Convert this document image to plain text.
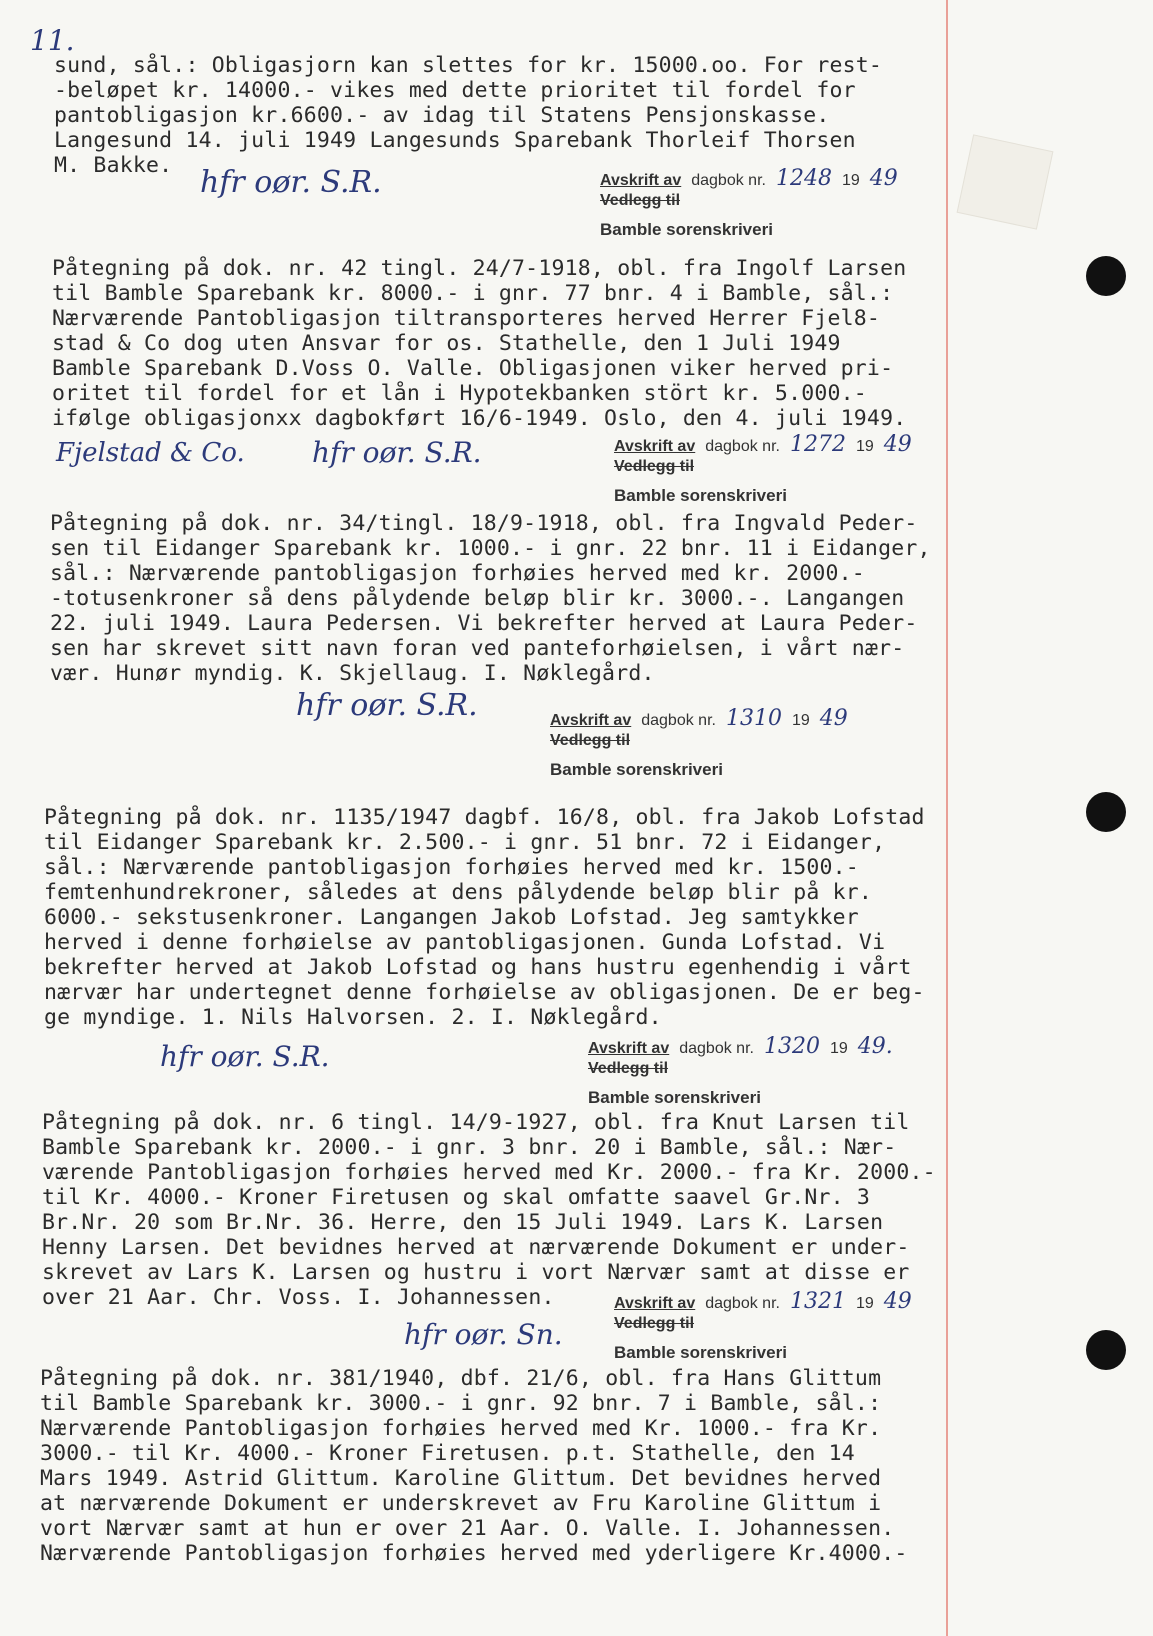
11.
sund, sål.: Obligasjorn kan slettes for kr. 15000.oo. For rest-
-beløpet kr. 14000.- vikes med dette prioritet til fordel for
pantobligasjon kr.6600.- av idag til Statens Pensjonskasse.
Langesund 14. juli 1949 Langesunds Sparebank Thorleif Thorsen
M. Bakke. hfr oør. S.R.	Avskrift av dagbok nr. 1248 19 49
Vedlegg til
Bamble sorenskriveri
Påtegning på dok. nr. 42 tingl. 24/7-1918, obl. fra Ingolf Larsen
til Bamble Sparebank kr. 8000.- i gnr. 77 bnr. 4 i Bamble, sål.:
Nærværende Pantobligasjon tiltransporteres herved Herrer Fjel8-
stad & Co dog uten Ansvar for os. Stathelle, den 1 Juli 1949
Bamble Sparebank D.Voss O. Valle. Obligasjonen viker herved pri-
oritet til fordel for et lån i Hypotekbanken stört kr. 5.000.-
ifølge obligasjonxx dagbokført 16/6-1949. Oslo, den 4. juli 1949.
Fjelstad & Co. hfr oør. S.R.	Avskrift av dagbok nr. 1272 19 49
Vedlegg til
Bamble sorenskriveri
Påtegning på dok. nr. 34/tingl. 18/9-1918, obl. fra Ingvald Peder-
sen til Eidanger Sparebank kr. 1000.- i gnr. 22 bnr. 11 i Eidanger,
sål.: Nærværende pantobligasjon forhøies herved med kr. 2000.-
-totusenkroner så dens pålydende beløp blir kr. 3000.-. Langangen
22. juli 1949. Laura Pedersen. Vi bekrefter herved at Laura Peder-
sen har skrevet sitt navn foran ved panteforhøielsen, i vårt nær-
vær. Hunør myndig. K. Skjellaug. I. Nøklegård.
hfr oør. S.R.	Avskrift av dagbok nr. 1310 19 49
Vedlegg til
Bamble sorenskriveri
Påtegning på dok. nr. 1135/1947 dagbf. 16/8, obl. fra Jakob Lofstad
til Eidanger Sparebank kr. 2.500.- i gnr. 51 bnr. 72 i Eidanger,
sål.: Nærværende pantobligasjon forhøies herved med kr. 1500.-
femtenhundrekroner, således at dens pålydende beløp blir på kr.
6000.- sekstusenkroner. Langangen Jakob Lofstad. Jeg samtykker
herved i denne forhøielse av pantobligasjonen. Gunda Lofstad. Vi
bekrefter herved at Jakob Lofstad og hans hustru egenhendig i vårt
nærvær har undertegnet denne forhøielse av obligasjonen. De er beg-
ge myndige. 1. Nils Halvorsen. 2. I. Nøklegård.
hfr oør. S.R.	Avskrift av dagbok nr. 1320 19 49.
Vedlegg til
Bamble sorenskriveri
Påtegning på dok. nr. 6 tingl. 14/9-1927, obl. fra Knut Larsen til
Bamble Sparebank kr. 2000.- i gnr. 3 bnr. 20 i Bamble, sål.: Nær-
værende Pantobligasjon forhøies herved med Kr. 2000.- fra Kr. 2000.-
til Kr. 4000.- Kroner Firetusen og skal omfatte saavel Gr.Nr. 3
Br.Nr. 20 som Br.Nr. 36. Herre, den 15 Juli 1949. Lars K. Larsen
Henny Larsen. Det bevidnes herved at nærværende Dokument er under-
skrevet av Lars K. Larsen og hustru i vort Nærvær samt at disse er
over 21 Aar. Chr. Voss. I. Johannessen.	Avskrift av dagbok nr. 1321 19 49
Vedlegg til
Bamble sorenskriveri
hfr oør. Sn.
Påtegning på dok. nr. 381/1940, dbf. 21/6, obl. fra Hans Glittum
til Bamble Sparebank kr. 3000.- i gnr. 92 bnr. 7 i Bamble, sål.:
Nærværende Pantobligasjon forhøies herved med Kr. 1000.- fra Kr.
3000.- til Kr. 4000.- Kroner Firetusen. p.t. Stathelle, den 14
Mars 1949. Astrid Glittum. Karoline Glittum. Det bevidnes herved
at nærværende Dokument er underskrevet av Fru Karoline Glittum i
vort Nærvær samt at hun er over 21 Aar. O. Valle. I. Johannessen.
Nærværende Pantobligasjon forhøies herved med yderligere Kr.4000.-
